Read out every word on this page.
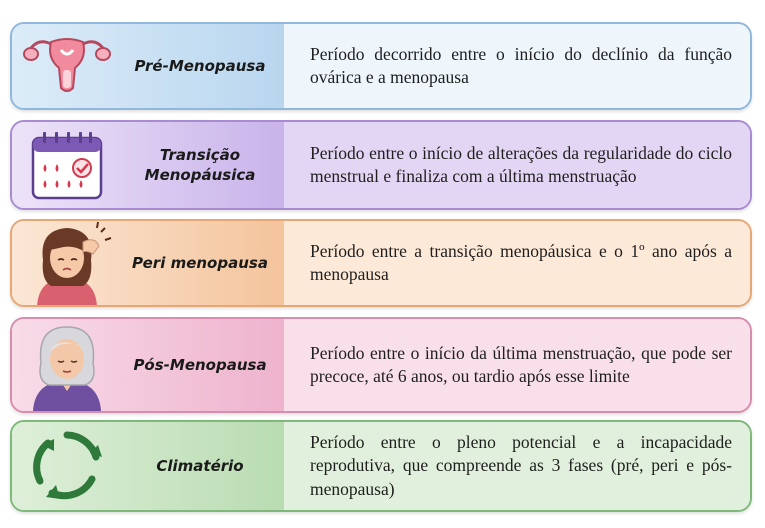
Pré-Menopausa
Período decorrido entre o início do declínio da função ovárica e a menopausa
Transição
Menopáusica
Período entre o início de alterações da regularidade do ciclo menstrual e finaliza com a última menstruação
Peri menopausa
Período entre a transição menopáusica e o 1º ano após a menopausa
Pós-Menopausa
Período entre o início da última menstruação, que pode ser precoce, até 6 anos, ou tardio após esse limite
Climatério
Período entre o pleno potencial e a incapacidade reprodutiva, que compreende as 3 fases (pré, peri e pós-menopausa)
